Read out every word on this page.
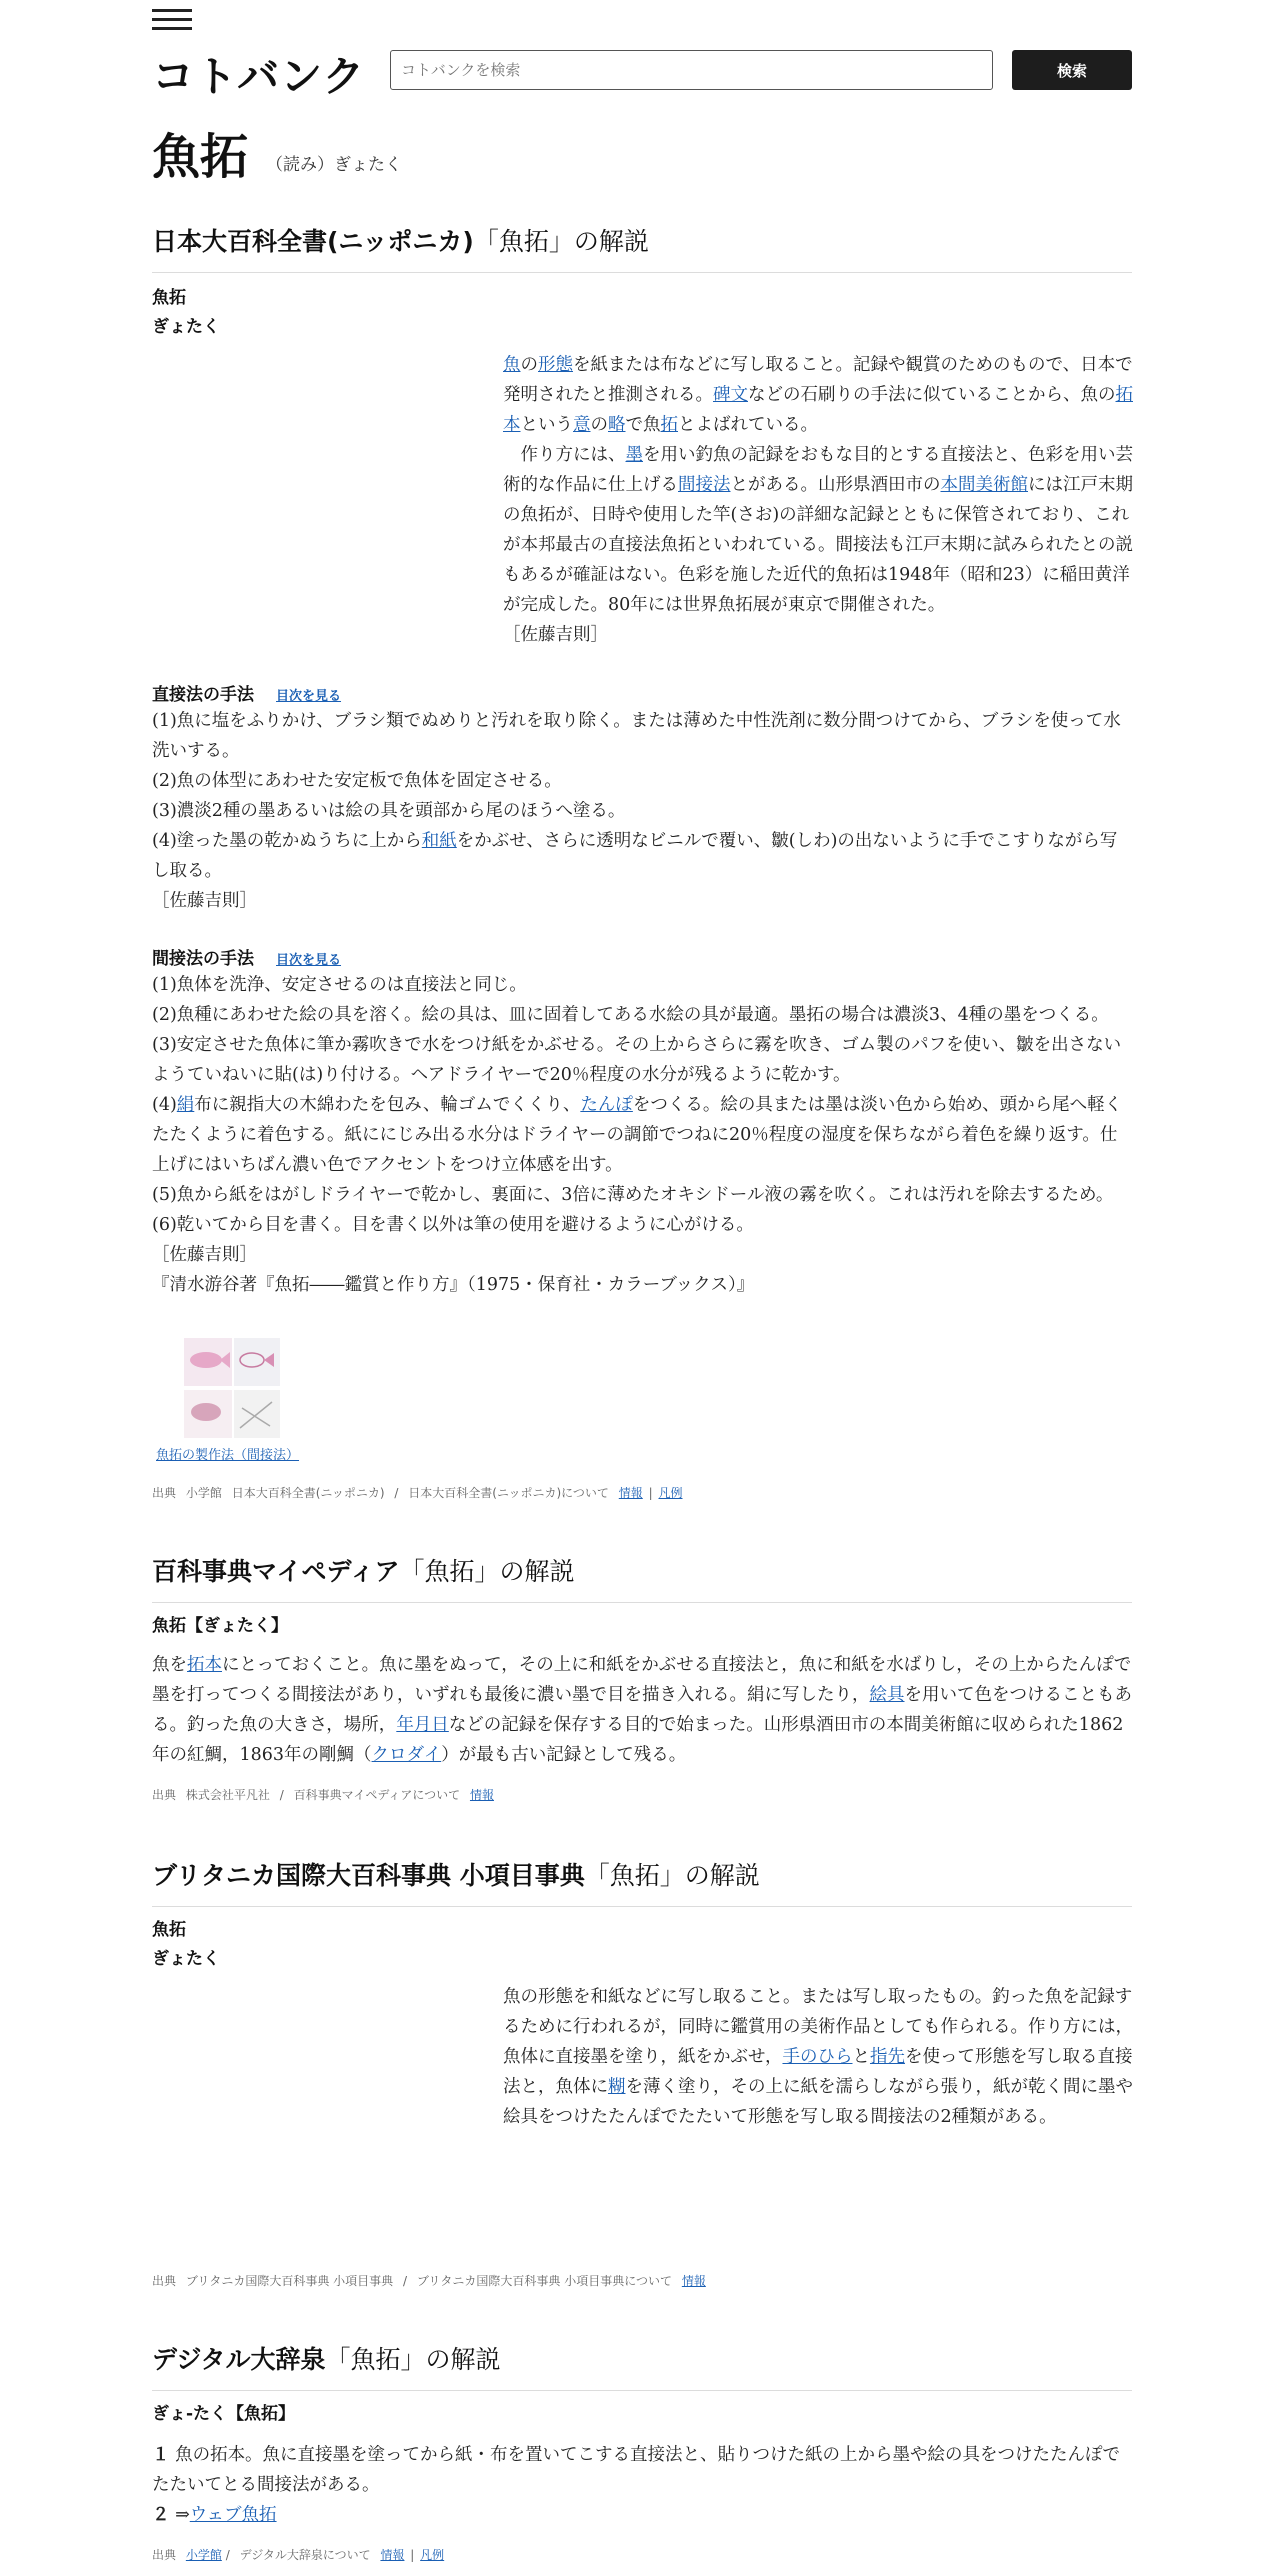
コトバンク
コトバンクを検索	検索
魚拓 （読み）ぎょたく
日本大百科全書(ニッポニカ)「魚拓」の解説
魚拓
ぎょたく
魚の形態を紙または布などに写し取ること。記録や観賞のためのもので、日本で発明されたと推測される。碑文などの石刷りの手法に似ていることから、魚の拓本という意の略で魚拓とよばれている。
　作り方には、墨を用い釣魚の記録をおもな目的とする直接法と、色彩を用い芸術的な作品に仕上げる間接法とがある。山形県酒田市の本間美術館には江戸末期の魚拓が、日時や使用した竿(さお)の詳細な記録とともに保管されており、これが本邦最古の直接法魚拓といわれている。間接法も江戸末期に試みられたとの説もあるが確証はない。色彩を施した近代的魚拓は1948年（昭和23）に稲田黄洋が完成した。80年には世界魚拓展が東京で開催された。
［佐藤吉則］
直接法の手法 目次を見る
(1)魚に塩をふりかけ、ブラシ類でぬめりと汚れを取り除く。または薄めた中性洗剤に数分間つけてから、ブラシを使って水洗いする。
(2)魚の体型にあわせた安定板で魚体を固定させる。
(3)濃淡2種の墨あるいは絵の具を頭部から尾のほうへ塗る。
(4)塗った墨の乾かぬうちに上から和紙をかぶせ、さらに透明なビニルで覆い、皺(しわ)の出ないように手でこすりながら写し取る。
［佐藤吉則］
間接法の手法 目次を見る
(1)魚体を洗浄、安定させるのは直接法と同じ。
(2)魚種にあわせた絵の具を溶く。絵の具は、皿に固着してある水絵の具が最適。墨拓の場合は濃淡3、4種の墨をつくる。
(3)安定させた魚体に筆か霧吹きで水をつけ紙をかぶせる。その上からさらに霧を吹き、ゴム製のパフを使い、皺を出さないようていねいに貼(は)り付ける。ヘアドライヤーで20％程度の水分が残るように乾かす。
(4)絹布に親指大の木綿わたを包み、輪ゴムでくくり、たんぽをつくる。絵の具または墨は淡い色から始め、頭から尾へ軽くたたくように着色する。紙ににじみ出る水分はドライヤーの調節でつねに20％程度の湿度を保ちながら着色を繰り返す。仕上げにはいちばん濃い色でアクセントをつけ立体感を出す。
(5)魚から紙をはがしドライヤーで乾かし、裏面に、3倍に薄めたオキシドール液の霧を吹く。これは汚れを除去するため。
(6)乾いてから目を書く。目を書く以外は筆の使用を避けるように心がける。
［佐藤吉則］
『清水游谷著『魚拓――鑑賞と作り方』（1975・保育社・カラーブックス）』
魚拓の製作法（間接法）
出典 小学館 日本大百科全書(ニッポニカ) / 日本大百科全書(ニッポニカ)について 情報 | 凡例
百科事典マイペディア「魚拓」の解説
魚拓【ぎょたく】
魚を拓本にとっておくこと。魚に墨をぬって，その上に和紙をかぶせる直接法と，魚に和紙を水ばりし，その上からたんぽで墨を打ってつくる間接法があり，いずれも最後に濃い墨で目を描き入れる。絹に写したり，絵具を用いて色をつけることもある。釣った魚の大きさ，場所，年月日などの記録を保存する目的で始まった。山形県酒田市の本間美術館に収められた1862年の紅鯛，1863年の剛鯛（クロダイ）が最も古い記録として残る。
出典 株式会社平凡社 / 百科事典マイペディアについて 情報
ブリタニカ国際大百科事典 小項目事典「魚拓」の解説
魚拓
ぎょたく
魚の形態を和紙などに写し取ること。または写し取ったもの。釣った魚を記録するために行われるが，同時に鑑賞用の美術作品としても作られる。作り方には，魚体に直接墨を塗り，紙をかぶせ，手のひらと指先を使って形態を写し取る直接法と，魚体に糊を薄く塗り，その上に紙を濡らしながら張り，紙が乾く間に墨や絵具をつけたたんぽでたたいて形態を写し取る間接法の2種類がある。
出典 ブリタニカ国際大百科事典 小項目事典 / ブリタニカ国際大百科事典 小項目事典について 情報
デジタル大辞泉「魚拓」の解説
ぎょ‐たく【魚拓】
１ 魚の拓本。魚に直接墨を塗ってから紙・布を置いてこする直接法と、貼りつけた紙の上から墨や絵の具をつけたたんぽでたたいてとる間接法がある。
２ ⇒ウェブ魚拓
出典 小学館 / デジタル大辞泉について 情報 | 凡例
